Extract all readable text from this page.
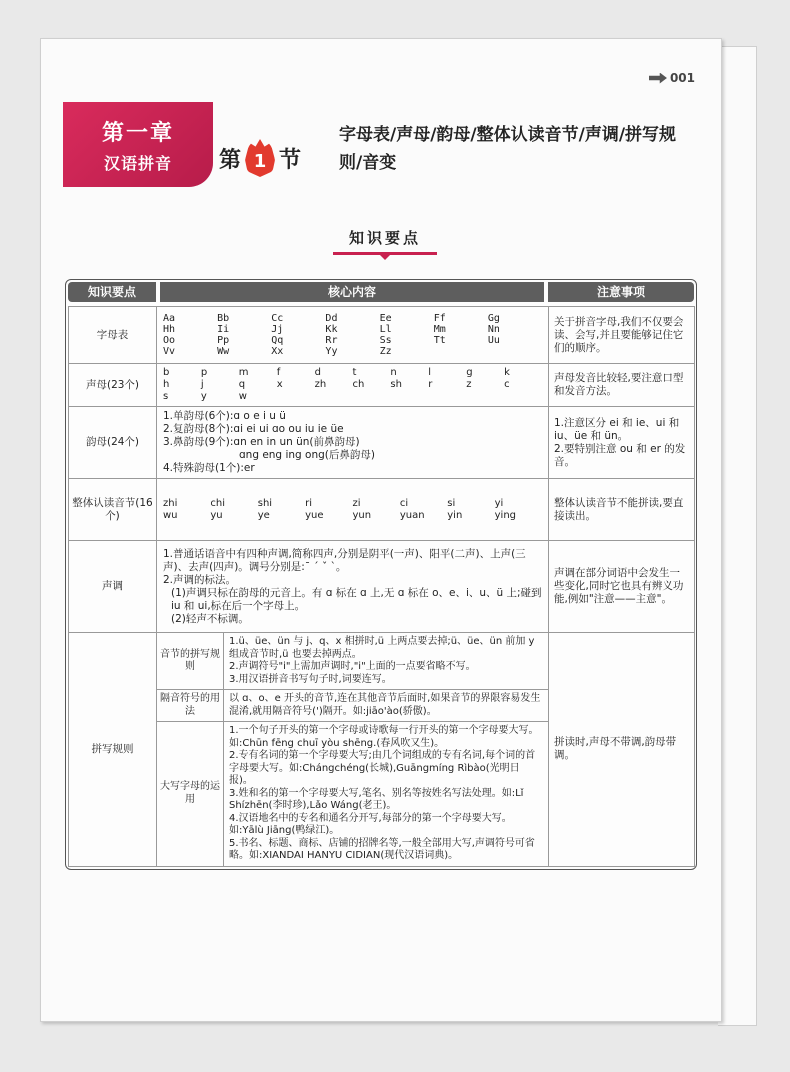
001
第一章
汉语拼音	第 1 节
字母表/声母/韵母/整体认读音节/声调/拼写规则/音变
知识要点
知识要点	核心内容	注意事项
字母表	
Aa	Bb	Cc	Dd	Ee	Ff	Gg
Hh	Ii	Jj	Kk	Ll	Mm	Nn
Oo	Pp	Qq	Rr	Ss	Tt	Uu
Vv	Ww	Xx	Yy	Zz
	关于拼音字母,我们不仅要会读、会写,并且要能够记住它们的顺序。
声母(23个)	
b	p	m	f	d	t	n	l	g	k
h	j	q	x	zh	ch	sh	r	z	c
s	y	w
	声母发音比较轻,要注意口型和发音方法。
韵母(24个)	

1.单韵母(6个):ɑ o e i u ü

2.复韵母(8个):ɑi ei ui ɑo ou iu ie üe

3.鼻韵母(9个):ɑn en in un ün(前鼻韵母)

ɑng eng ing ong(后鼻韵母)

4.特殊韵母(1个):er

	1.注意区分 ei 和 ie、ui 和 iu、üe 和 ün。
2.要特别注意 ou 和 er 的发音。
整体认读音节(16个)	
zhi	chi	shi	ri	zi	ci	si	yi
wu	yu	ye	yue	yun	yuan	yin	ying
	整体认读音节不能拼读,要直接读出。
声调	

1.普通话语音中有四种声调,简称四声,分别是阴平(一声)、阳平(二声)、上声(三声)、去声(四声)。调号分别是:ˉ ˊ ˇ ˋ。

2.声调的标法。

(1)声调只标在韵母的元音上。有 ɑ 标在 ɑ 上,无 ɑ 标在 o、e、i、u、ü 上;碰到 iu 和 ui,标在后一个字母上。

(2)轻声不标调。

	声调在部分词语中会发生一些变化,同时它也具有辨义功能,例如"注意——主意"。
拼写规则	
音节的拼写规则	

1.ü、üe、ün 与 j、q、x 相拼时,ü 上两点要去掉;ü、üe、ün 前加 y 组成音节时,ü 也要去掉两点。

2.声调符号"i"上需加声调时,"i"上面的一点要省略不写。

3.用汉语拼音书写句子时,词要连写。

隔音符号的用法	

以 ɑ、o、e 开头的音节,连在其他音节后面时,如果音节的界限容易发生混淆,就用隔音符号(')隔开。如:jiāo'ào(骄傲)。

大写字母的运用	

1.一个句子开头的第一个字母或诗歌每一行开头的第一个字母要大写。如:Chūn fēng chuī yòu shēng.(春风吹又生)。

2.专有名词的第一个字母要大写;由几个词组成的专有名词,每个词的首字母要大写。如:Chángchéng(长城),Guāngmíng Rìbào(光明日报)。

3.姓和名的第一个字母要大写,笔名、别名等按姓名写法处理。如:Lǐ Shízhēn(李时珍),Lǎo Wáng(老王)。

4.汉语地名中的专名和通名分开写,每部分的第一个字母要大写。如:Yālù Jiāng(鸭绿江)。

5.书名、标题、商标、店铺的招牌名等,一般全部用大写,声调符号可省略。如:XIANDAI HANYU CIDIAN(现代汉语词典)。

	拼读时,声母不带调,韵母带调。
